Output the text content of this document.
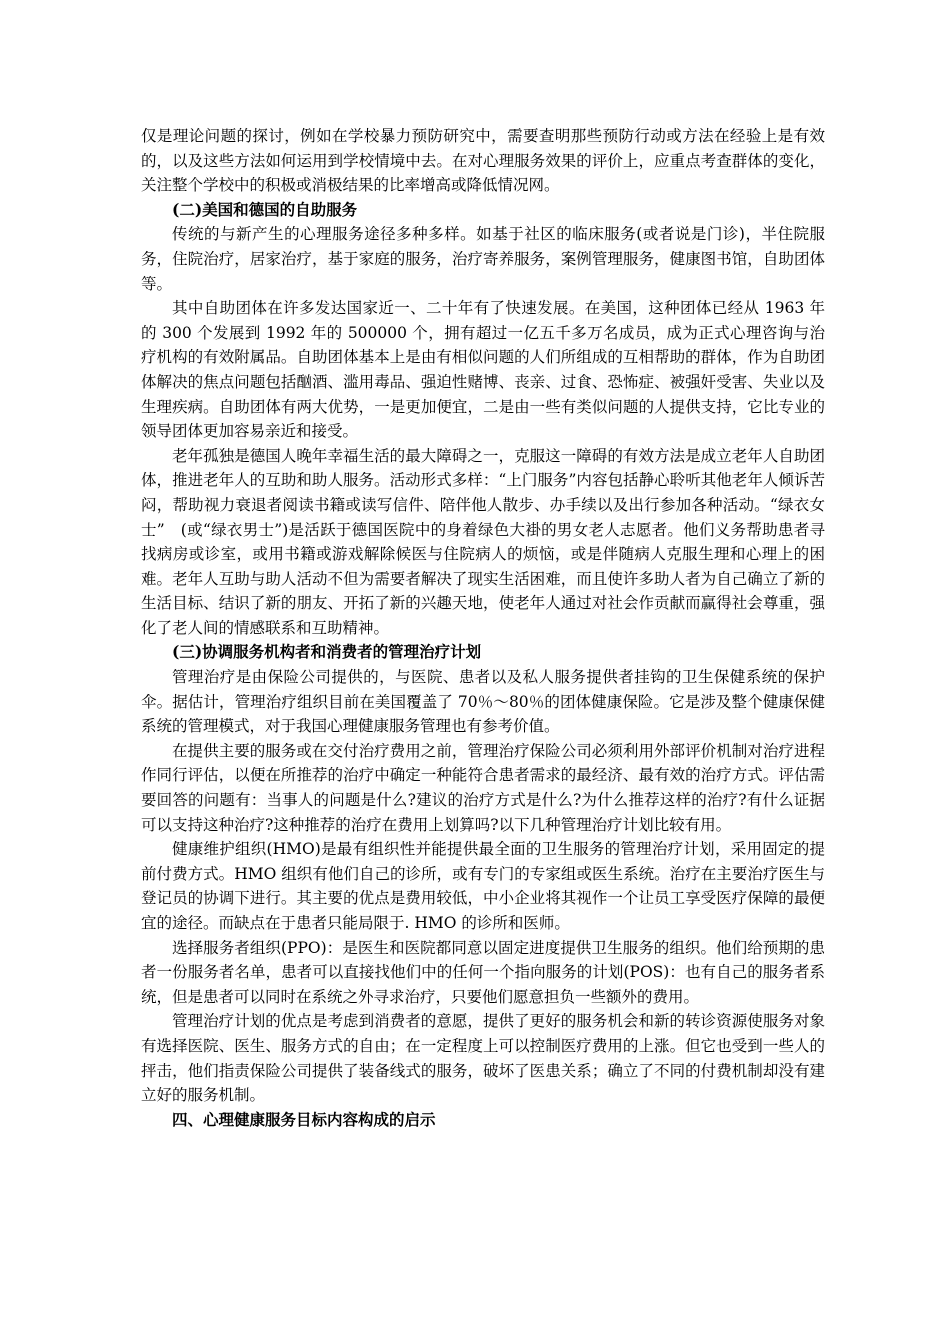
仅是理论问题的探讨，例如在学校暴力预防研究中，需要查明那些预防行动或方法在经验上是有效的，以及这些方法如何运用到学校情境中去。在对心理服务效果的评价上，应重点考查群体的变化，关注整个学校中的积极或消极结果的比率增高或降低情况网。

(二)美国和德国的自助服务

传统的与新产生的心理服务途径多种多样。如基于社区的临床服务(或者说是门诊)，半住院服务，住院治疗，居家治疗，基于家庭的服务，治疗寄养服务，案例管理服务，健康图书馆，自助团体等。

其中自助团体在许多发达国家近一、二十年有了快速发展。在美国，这种团体已经从 1963 年的 300 个发展到 1992 年的 500000 个，拥有超过一亿五千多万名成员，成为正式心理咨询与治疗机构的有效附属品。自助团体基本上是由有相似问题的人们所组成的互相帮助的群体，作为自助团体解决的焦点问题包括酗酒、滥用毒品、强迫性赌博、丧亲、过食、恐怖症、被强奸受害、失业以及生理疾病。自助团体有两大优势，一是更加便宜，二是由一些有类似问题的人提供支持，它比专业的领导团体更加容易亲近和接受。

老年孤独是德国人晚年幸福生活的最大障碍之一，克服这一障碍的有效方法是成立老年人自助团体，推进老年人的互助和助人服务。活动形式多样：“上门服务”内容包括静心聆听其他老年人倾诉苦闷，帮助视力衰退者阅读书籍或读写信件、陪伴他人散步、办手续以及出行参加各种活动。“绿衣女士”　(或“绿衣男士”)是活跃于德国医院中的身着绿色大褂的男女老人志愿者。他们义务帮助患者寻找病房或诊室，或用书籍或游戏解除候医与住院病人的烦恼，或是伴随病人克服生理和心理上的困难。老年人互助与助人活动不但为需要者解决了现实生活困难，而且使许多助人者为自己确立了新的生活目标、结识了新的朋友、开拓了新的兴趣天地，使老年人通过对社会作贡献而赢得社会尊重，强化了老人间的情感联系和互助精神。

(三)协调服务机构者和消费者的管理治疗计划

管理治疗是由保险公司提供的，与医院、患者以及私人服务提供者挂钩的卫生保健系统的保护伞。据估计，管理治疗组织目前在美国覆盖了 70％～80％的团体健康保险。它是涉及整个健康保健系统的管理模式，对于我国心理健康服务管理也有参考价值。

在提供主要的服务或在交付治疗费用之前，管理治疗保险公司必须利用外部评价机制对治疗进程作同行评估，以便在所推荐的治疗中确定一种能符合患者需求的最经济、最有效的治疗方式。评估需要回答的问题有：当事人的问题是什么?建议的治疗方式是什么?为什么推荐这样的治疗?有什么证据可以支持这种治疗?这种推荐的治疗在费用上划算吗?以下几种管理治疗计划比较有用。

健康维护组织(HMO)是最有组织性并能提供最全面的卫生服务的管理治疗计划，采用固定的提前付费方式。HMO 组织有他们自己的诊所，或有专门的专家组或医生系统。治疗在主要治疗医生与登记员的协调下进行。其主要的优点是费用较低，中小企业将其视作一个让员工享受医疗保障的最便宜的途径。而缺点在于患者只能局限于. HMO 的诊所和医师。

选择服务者组织(PPO)：是医生和医院都同意以固定进度提供卫生服务的组织。他们给预期的患者一份服务者名单，患者可以直接找他们中的任何一个指向服务的计划(POS)：也有自己的服务者系统，但是患者可以同时在系统之外寻求治疗，只要他们愿意担负一些额外的费用。

管理治疗计划的优点是考虑到消费者的意愿，提供了更好的服务机会和新的转诊资源使服务对象有选择医院、医生、服务方式的自由；在一定程度上可以控制医疗费用的上涨。但它也受到一些人的抨击，他们指责保险公司提供了装备线式的服务，破坏了医患关系；确立了不同的付费机制却没有建立好的服务机制。

四、心理健康服务目标内容构成的启示
